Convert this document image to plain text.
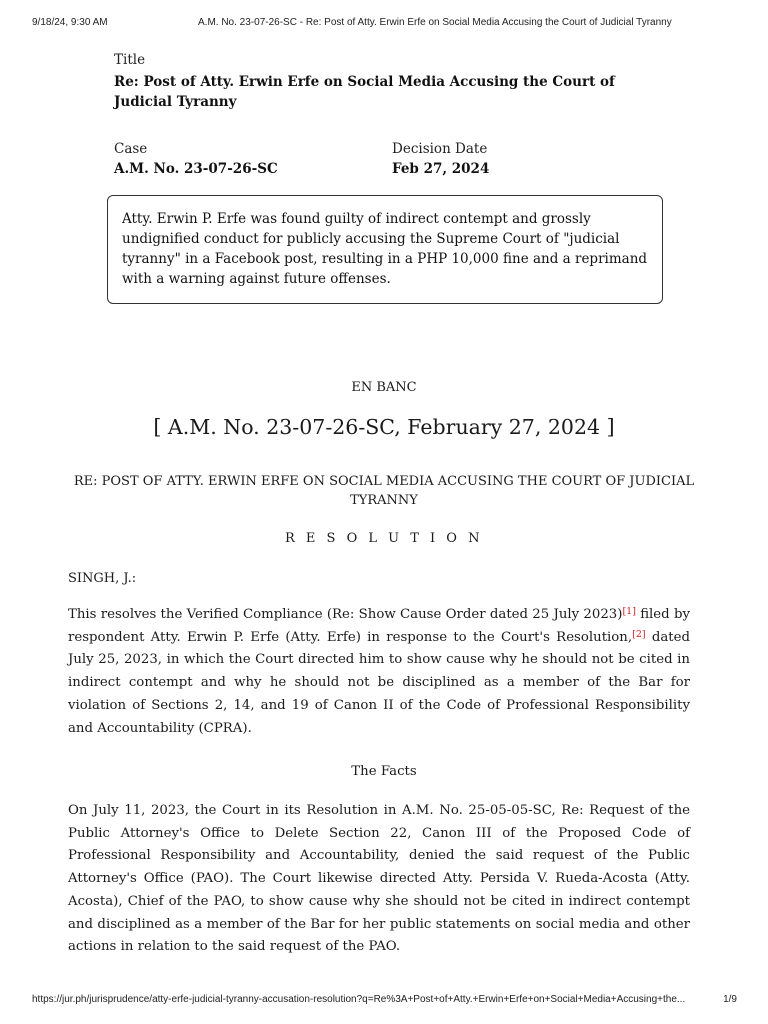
9/18/24, 9:30 AM	A.M. No. 23-07-26-SC - Re: Post of Atty. Erwin Erfe on Social Media Accusing the Court of Judicial Tyranny
Title
Re: Post of Atty. Erwin Erfe on Social Media Accusing the Court of Judicial Tyranny
Case
A.M. No. 23-07-26-SC
Decision Date
Feb 27, 2024
Atty. Erwin P. Erfe was found guilty of indirect contempt and grossly undignified conduct for publicly accusing the Supreme Court of "judicial tyranny" in a Facebook post, resulting in a PHP 10,000 fine and a reprimand with a warning against future offenses.
EN BANC
[ A.M. No. 23-07-26-SC, February 27, 2024 ]
RE: POST OF ATTY. ERWIN ERFE ON SOCIAL MEDIA ACCUSING THE COURT OF JUDICIAL TYRANNY
R E S O L U T I O N
SINGH, J.:

This resolves the Verified Compliance (Re: Show Cause Order dated 25 July 2023)[1] filed by respondent Atty. Erwin P. Erfe (Atty. Erfe) in response to the Court's Resolution,[2] dated July 25, 2023, in which the Court directed him to show cause why he should not be cited in indirect contempt and why he should not be disciplined as a member of the Bar for violation of Sections 2, 14, and 19 of Canon II of the Code of Professional Responsibility and Accountability (CPRA).

The Facts

On July 11, 2023, the Court in its Resolution in A.M. No. 25-05-05-SC, Re: Request of the Public Attorney's Office to Delete Section 22, Canon III of the Proposed Code of Professional Responsibility and Accountability, denied the said request of the Public Attorney's Office (PAO). The Court likewise directed Atty. Persida V. Rueda-Acosta (Atty. Acosta), Chief of the PAO, to show cause why she should not be cited in indirect contempt and disciplined as a member of the Bar for her public statements on social media and other actions in relation to the said request of the PAO.

https://jur.ph/jurisprudence/atty-erfe-judicial-tyranny-accusation-resolution?q=Re%3A+Post+of+Atty.+Erwin+Erfe+on+Social+Media+Accusing+the...	1/9
